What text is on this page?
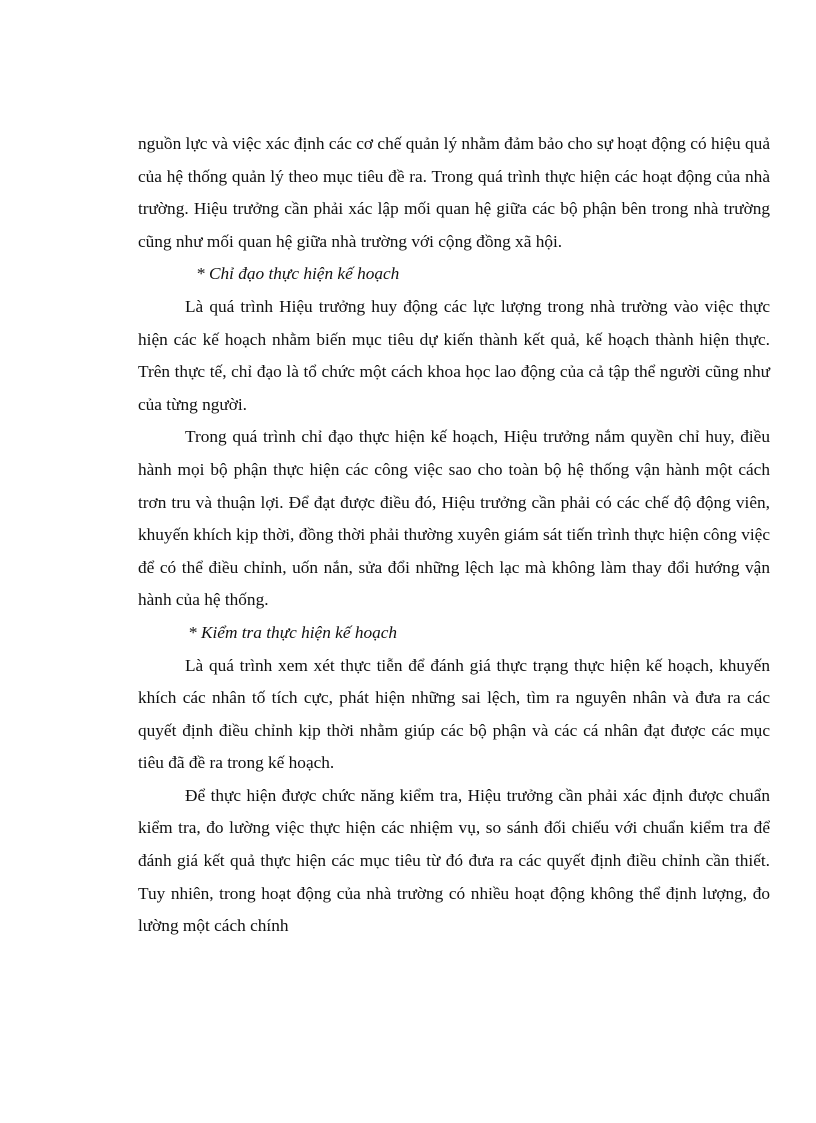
nguồn lực và việc xác định các cơ chế quản lý nhằm đảm bảo cho sự hoạt động có hiệu quả của hệ thống quản lý theo mục tiêu đề ra. Trong quá trình thực hiện các hoạt động của nhà trường. Hiệu trưởng cần phải xác lập mối quan hệ giữa các bộ phận bên trong nhà trường cũng như mối quan hệ giữa nhà trường với cộng đồng xã hội.

* Chỉ đạo thực hiện kế hoạch

Là quá trình Hiệu trưởng huy động các lực lượng trong nhà trường vào việc thực hiện các kế hoạch nhằm biến mục tiêu dự kiến thành kết quả, kế hoạch thành hiện thực. Trên thực tế, chỉ đạo là tổ chức một cách khoa học lao động của cả tập thể người cũng như của từng người.

Trong quá trình chỉ đạo thực hiện kế hoạch, Hiệu trưởng nắm quyền chỉ huy, điều hành mọi bộ phận thực hiện các công việc sao cho toàn bộ hệ thống vận hành một cách trơn tru và thuận lợi. Để đạt được điều đó, Hiệu trưởng cần phải có các chế độ động viên, khuyến khích kịp thời, đồng thời phải thường xuyên giám sát tiến trình thực hiện công việc để có thể điều chỉnh, uốn nắn, sửa đổi những lệch lạc mà không làm thay đổi hướng vận hành của hệ thống.

* Kiểm tra thực hiện kế hoạch

Là quá trình xem xét thực tiễn để đánh giá thực trạng thực hiện kế hoạch, khuyến khích các nhân tố tích cực, phát hiện những sai lệch, tìm ra nguyên nhân và đưa ra các quyết định điều chỉnh kịp thời nhằm giúp các bộ phận và các cá nhân đạt được các mục tiêu đã đề ra trong kế hoạch.

Để thực hiện được chức năng kiểm tra, Hiệu trưởng cần phải xác định được chuẩn kiểm tra, đo lường việc thực hiện các nhiệm vụ, so sánh đối chiếu với chuẩn kiểm tra để đánh giá kết quả thực hiện các mục tiêu từ đó đưa ra các quyết định điều chỉnh cần thiết. Tuy nhiên, trong hoạt động của nhà trường có nhiều hoạt động không thể định lượng, đo lường một cách chính
